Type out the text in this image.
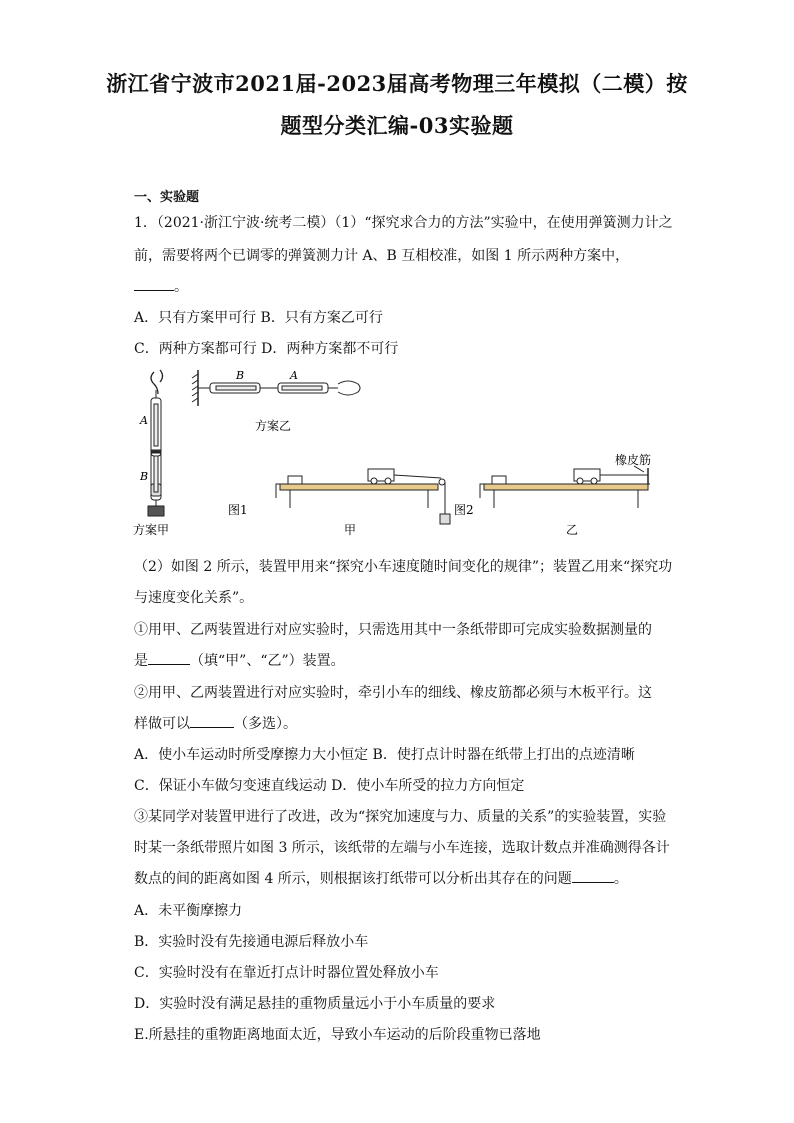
浙江省宁波市2021届-2023届高考物理三年模拟（二模）按
题型分类汇编-03实验题
一、实验题
1．（2021·浙江宁波·统考二模）（1）“探究求合力的方法”实验中，在使用弹簧测力计之
前，需要将两个已调零的弹簧测力计 A、B 互相校准，如图 1 所示两种方案中，
。
A．只有方案甲可行 B．只有方案乙可行
C．两种方案都可行 D．两种方案都不可行
A
B
方案甲
B	A
方案乙
图1
甲
图2
橡皮筋
乙
（2）如图 2 所示，装置甲用来“探究小车速度随时间变化的规律”；装置乙用来“探究功
与速度变化关系”。
①用甲、乙两装置进行对应实验时，只需选用其中一条纸带即可完成实验数据测量的
是	（填“甲”、“乙”）装置。
②用甲、乙两装置进行对应实验时，牵引小车的细线、橡皮筋都必须与木板平行。这
样做可以	（多选）。
A．使小车运动时所受摩擦力大小恒定 B．使打点计时器在纸带上打出的点迹清晰
C．保证小车做匀变速直线运动 D．使小车所受的拉力方向恒定
③某同学对装置甲进行了改进，改为“探究加速度与力、质量的关系”的实验装置，实验
时某一条纸带照片如图 3 所示，该纸带的左端与小车连接，选取计数点并准确测得各计
数点的间的距离如图 4 所示，则根据该打纸带可以分析出其存在的问题	。
A．未平衡摩擦力
B．实验时没有先接通电源后释放小车
C．实验时没有在靠近打点计时器位置处释放小车
D．实验时没有满足悬挂的重物质量远小于小车质量的要求
E.所悬挂的重物距离地面太近，导致小车运动的后阶段重物已落地
